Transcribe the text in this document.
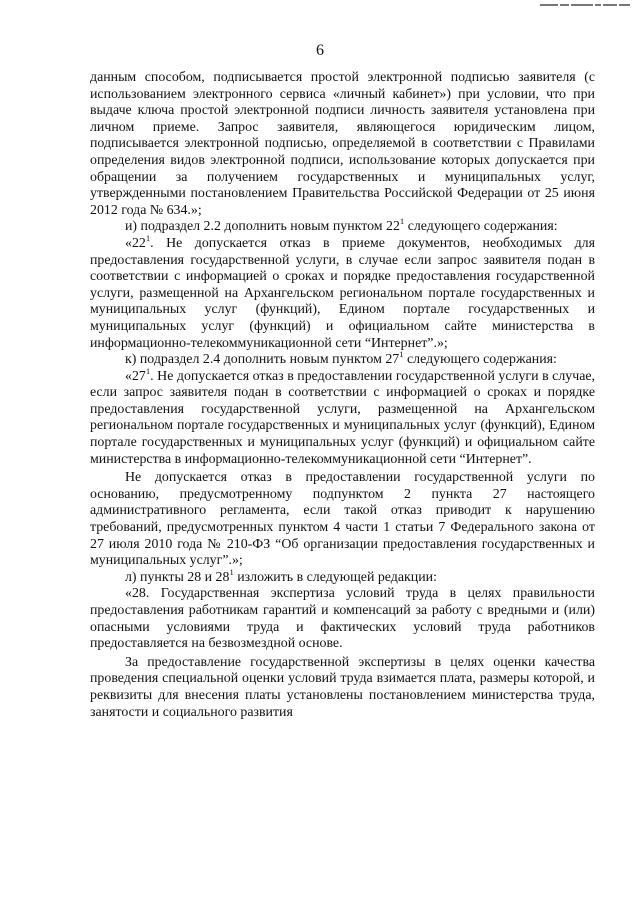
6

данным способом, подписывается простой электронной подписью заявителя (с использованием электронного сервиса «личный кабинет») при условии, что при выдаче ключа простой электронной подписи личность заявителя установлена при личном приеме. Запрос заявителя, являющегося юридическим лицом, подписывается электронной подписью, определяемой в соответствии с Правилами определения видов электронной подписи, использование которых допускается при обращении за получением государственных и муниципальных услуг, утвержденными постановлением Правительства Российской Федерации от 25 июня 2012 года № 634.»;

и) подраздел 2.2 дополнить новым пунктом $22^1$ следующего содержания:

«$22^1$. Не допускается отказ в приеме документов, необходимых для предоставления государственной услуги, в случае если запрос заявителя подан в соответствии с информацией о сроках и порядке предоставления государственной услуги, размещенной на Архангельском региональном портале государственных и муниципальных услуг (функций), Едином портале государственных и муниципальных услуг (функций) и официальном сайте министерства в информационно-телекоммуникационной сети “Интернет”.»;

к) подраздел 2.4 дополнить новым пунктом $27^1$ следующего содержания:

«$27^1$. Не допускается отказ в предоставлении государственной услуги в случае, если запрос заявителя подан в соответствии с информацией о сроках и порядке предоставления государственной услуги, размещенной на Архангельском региональном портале государственных и муниципальных услуг (функций), Едином портале государственных и муниципальных услуг (функций) и официальном сайте министерства в информационно-телекоммуникационной сети “Интернет”.

Не допускается отказ в предоставлении государственной услуги по основанию, предусмотренному подпунктом 2 пункта 27 настоящего административного регламента, если такой отказ приводит к нарушению требований, предусмотренных пунктом 4 части 1 статьи 7 Федерального закона от 27 июля 2010 года № 210-ФЗ “Об организации предоставления государственных и муниципальных услуг”.»;

л) пункты 28 и $28^1$ изложить в следующей редакции:

«28. Государственная экспертиза условий труда в целях правильности предоставления работникам гарантий и компенсаций за работу с вредными и (или) опасными условиями труда и фактических условий труда работников предоставляется на безвозмездной основе.

За предоставление государственной экспертизы в целях оценки качества проведения специальной оценки условий труда взимается плата, размеры которой, и реквизиты для внесения платы установлены постановлением министерства труда, занятости и социального развития
